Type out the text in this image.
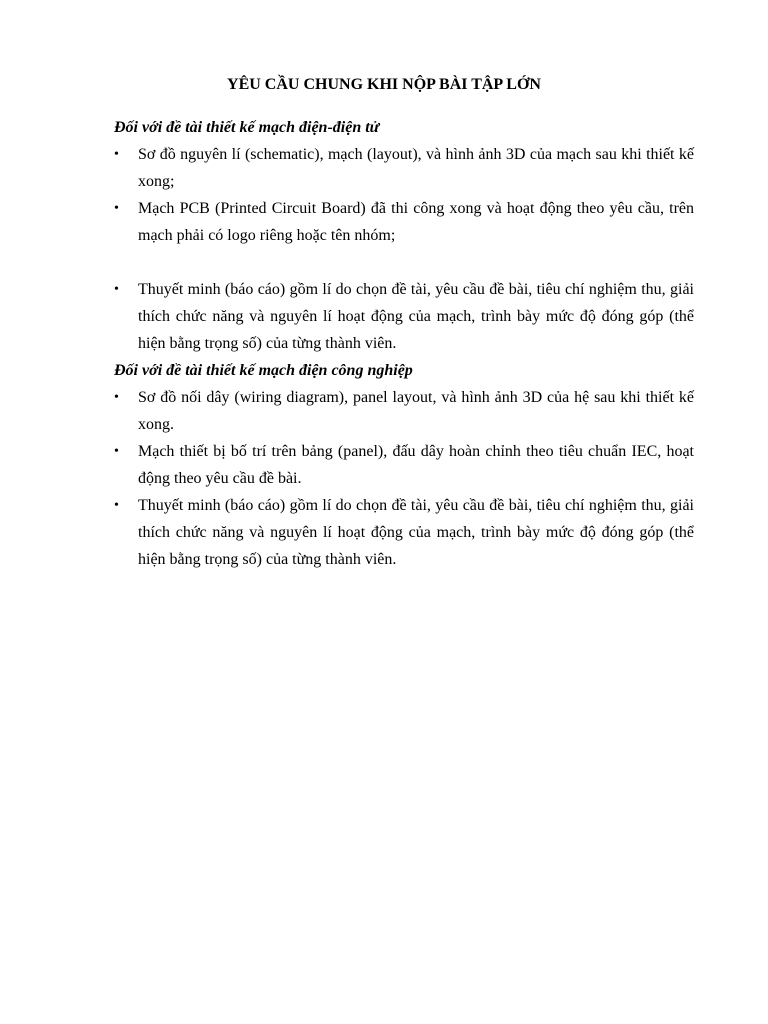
YÊU CẦU CHUNG KHI NỘP BÀI TẬP LỚN

Đối với đề tài thiết kế mạch điện-điện tử

•	Sơ đồ nguyên lí (schematic), mạch (layout), và hình ảnh 3D của mạch sau khi thiết kế xong;
•	Mạch PCB (Printed Circuit Board) đã thi công xong và hoạt động theo yêu cầu, trên mạch phải có logo riêng hoặc tên nhóm;
•	Thuyết minh (báo cáo) gồm lí do chọn đề tài, yêu cầu đề bài, tiêu chí nghiệm thu, giải thích chức năng và nguyên lí hoạt động của mạch, trình bày mức độ đóng góp (thể hiện bằng trọng số) của từng thành viên.

Đối với đề tài thiết kế mạch điện công nghiệp

•	Sơ đồ nối dây (wiring diagram), panel layout, và hình ảnh 3D của hệ sau khi thiết kế xong.
•	Mạch thiết bị bố trí trên bảng (panel), đấu dây hoàn chỉnh theo tiêu chuẩn IEC, hoạt động theo yêu cầu đề bài.
•	Thuyết minh (báo cáo) gồm lí do chọn đề tài, yêu cầu đề bài, tiêu chí nghiệm thu, giải thích chức năng và nguyên lí hoạt động của mạch, trình bày mức độ đóng góp (thể hiện bằng trọng số) của từng thành viên.
